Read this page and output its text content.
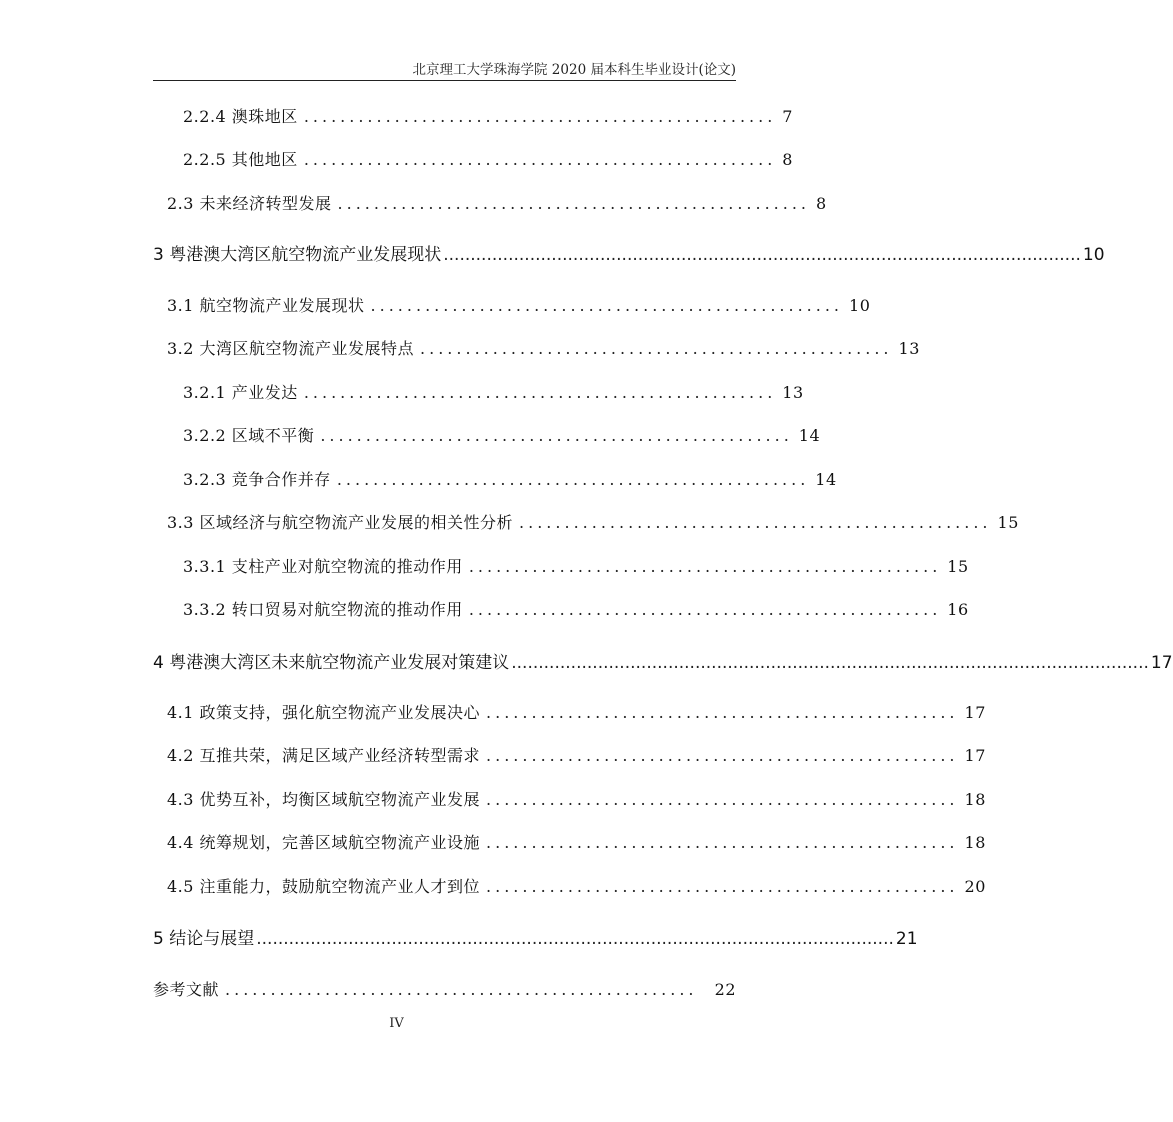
北京理工大学珠海学院 2020 届本科生毕业设计(论文)
2.2.4 澳珠地区 .................................................... 7
2.2.5 其他地区 .................................................... 8
2.3 未来经济转型发展 .................................................... 8
3 粤港澳大湾区航空物流产业发展现状 ...................................................................................................................... 10
3.1 航空物流产业发展现状 .................................................... 10
3.2 大湾区航空物流产业发展特点 .................................................... 13
3.2.1 产业发达 .................................................... 13
3.2.2 区域不平衡 .................................................... 14
3.2.3 竞争合作并存 .................................................... 14
3.3 区域经济与航空物流产业发展的相关性分析 .................................................... 15
3.3.1 支柱产业对航空物流的推动作用 .................................................... 15
3.3.2 转口贸易对航空物流的推动作用 .................................................... 16
4 粤港澳大湾区未来航空物流产业发展对策建议 ...................................................................................................................... 17
4.1 政策支持，强化航空物流产业发展决心 .................................................... 17
4.2 互推共荣，满足区域产业经济转型需求 .................................................... 17
4.3 优势互补，均衡区域航空物流产业发展 .................................................... 18
4.4 统筹规划，完善区域航空物流产业设施 .................................................... 18
4.5 注重能力，鼓励航空物流产业人才到位 .................................................... 20
5 结论与展望 ...................................................................................................................... 21
参考文献 ....................................................	22
IV
